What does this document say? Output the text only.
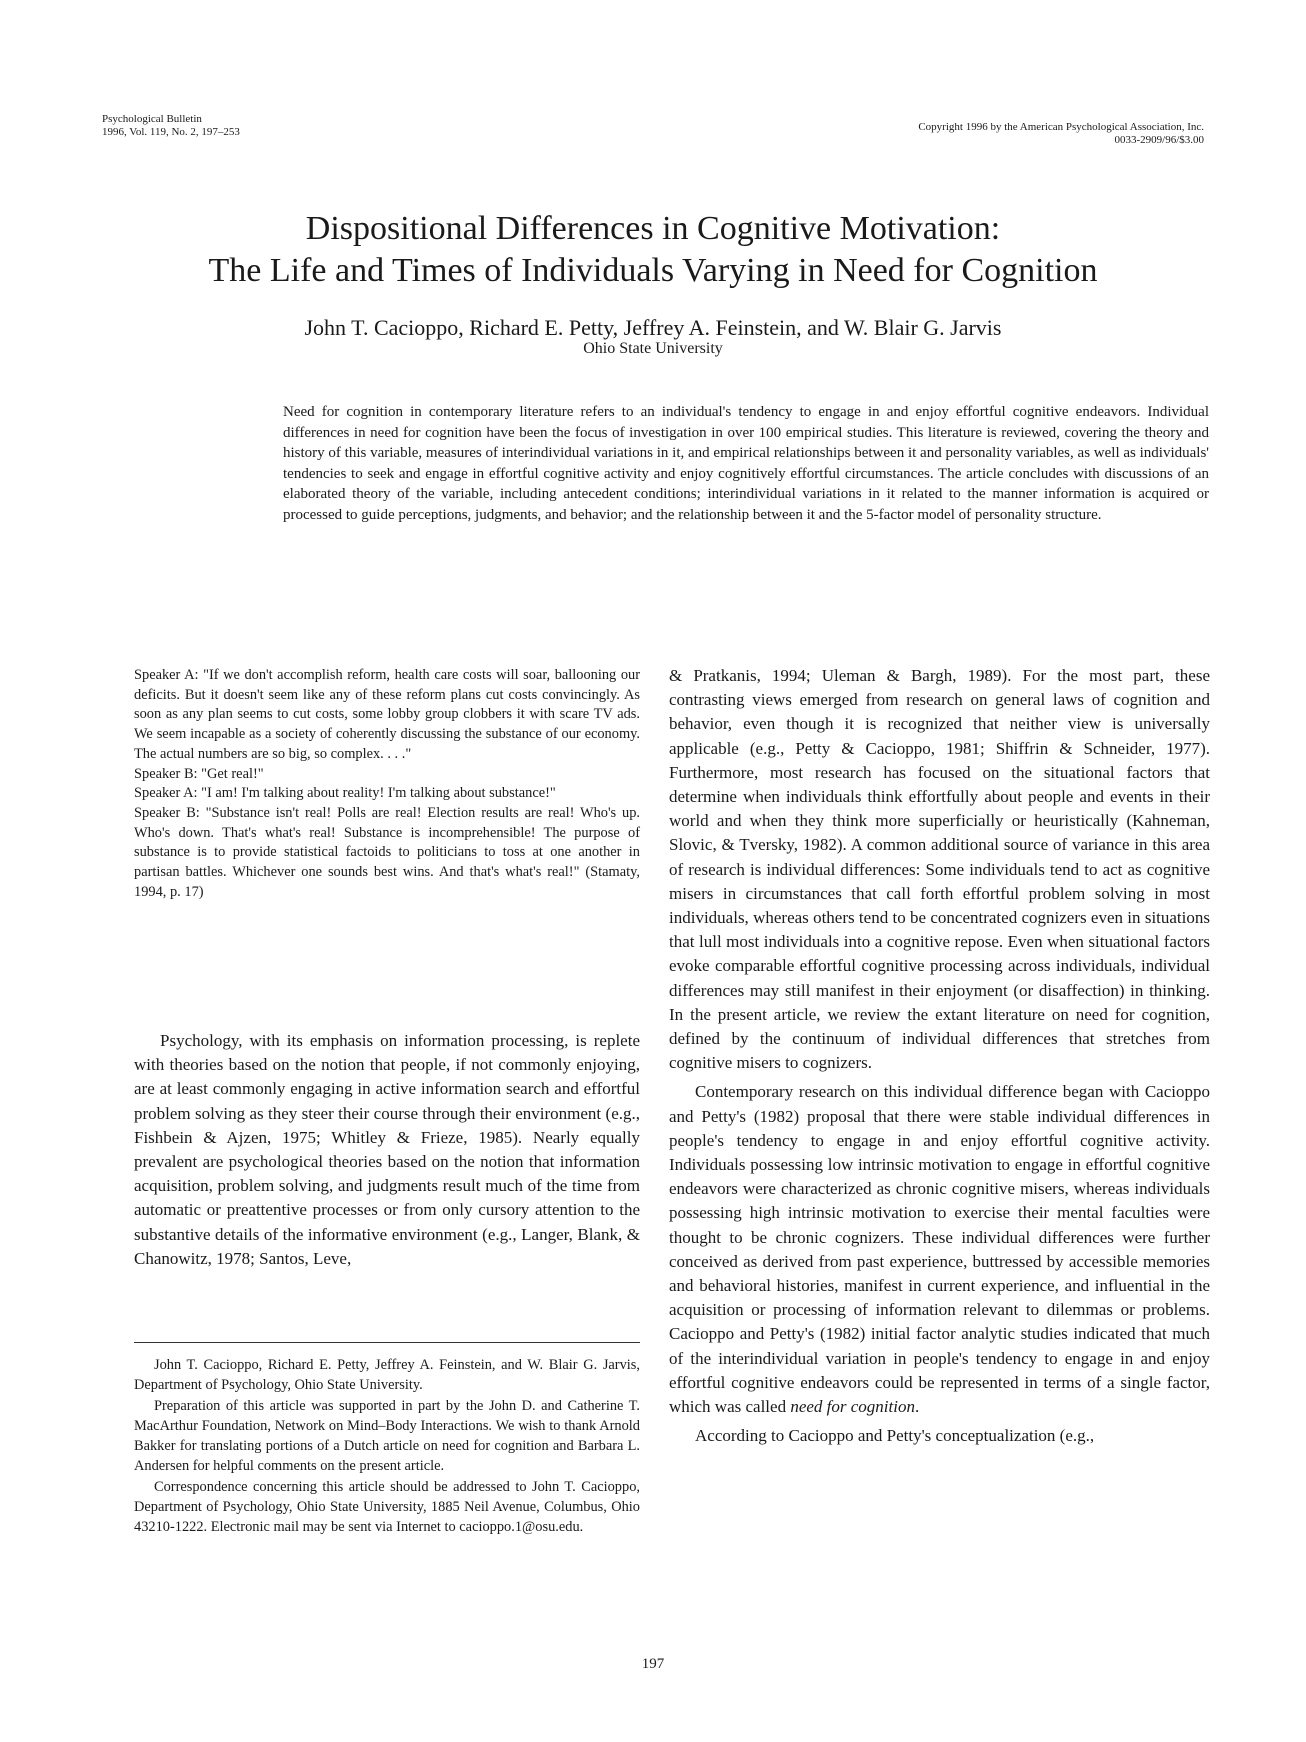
Psychological Bulletin
1996, Vol. 119, No. 2, 197–253	Copyright 1996 by the American Psychological Association, Inc.
0033-2909/96/$3.00
Dispositional Differences in Cognitive Motivation:
The Life and Times of Individuals Varying in Need for Cognition
John T. Cacioppo, Richard E. Petty, Jeffrey A. Feinstein, and W. Blair G. Jarvis
Ohio State University
Need for cognition in contemporary literature refers to an individual's tendency to engage in and enjoy effortful cognitive endeavors. Individual differences in need for cognition have been the focus of investigation in over 100 empirical studies. This literature is reviewed, covering the theory and history of this variable, measures of interindividual variations in it, and empirical relationships between it and personality variables, as well as individuals' tendencies to seek and engage in effortful cognitive activity and enjoy cognitively effortful circumstances. The article concludes with discussions of an elaborated theory of the variable, including antecedent conditions; interindividual variations in it related to the manner information is acquired or processed to guide perceptions, judgments, and behavior; and the relationship between it and the 5-factor model of personality structure.

Speaker A: "If we don't accomplish reform, health care costs will soar, ballooning our deficits. But it doesn't seem like any of these reform plans cut costs convincingly. As soon as any plan seems to cut costs, some lobby group clobbers it with scare TV ads. We seem incapable as a society of coherently discussing the substance of our economy. The actual numbers are so big, so complex. . . ."

Speaker B: "Get real!"

Speaker A: "I am! I'm talking about reality! I'm talking about substance!"

Speaker B: "Substance isn't real! Polls are real! Election results are real! Who's up. Who's down. That's what's real! Substance is incomprehensible! The purpose of substance is to provide statistical factoids to politicians to toss at one another in partisan battles. Whichever one sounds best wins. And that's what's real!" (Stamaty, 1994, p. 17)

Psychology, with its emphasis on information processing, is replete with theories based on the notion that people, if not commonly enjoying, are at least commonly engaging in active information search and effortful problem solving as they steer their course through their environment (e.g., Fishbein & Ajzen, 1975; Whitley & Frieze, 1985). Nearly equally prevalent are psychological theories based on the notion that information acquisition, problem solving, and judgments result much of the time from automatic or preattentive processes or from only cursory attention to the substantive details of the informative environment (e.g., Langer, Blank, & Chanowitz, 1978; Santos, Leve,

John T. Cacioppo, Richard E. Petty, Jeffrey A. Feinstein, and W. Blair G. Jarvis, Department of Psychology, Ohio State University.

Preparation of this article was supported in part by the John D. and Catherine T. MacArthur Foundation, Network on Mind–Body Interactions. We wish to thank Arnold Bakker for translating portions of a Dutch article on need for cognition and Barbara L. Andersen for helpful comments on the present article.

Correspondence concerning this article should be addressed to John T. Cacioppo, Department of Psychology, Ohio State University, 1885 Neil Avenue, Columbus, Ohio 43210-1222. Electronic mail may be sent via Internet to cacioppo.1@osu.edu.

& Pratkanis, 1994; Uleman & Bargh, 1989). For the most part, these contrasting views emerged from research on general laws of cognition and behavior, even though it is recognized that neither view is universally applicable (e.g., Petty & Cacioppo, 1981; Shiffrin & Schneider, 1977). Furthermore, most research has focused on the situational factors that determine when individuals think effortfully about people and events in their world and when they think more superficially or heuristically (Kahneman, Slovic, & Tversky, 1982). A common additional source of variance in this area of research is individual differences: Some individuals tend to act as cognitive misers in circumstances that call forth effortful problem solving in most individuals, whereas others tend to be concentrated cognizers even in situations that lull most individuals into a cognitive repose. Even when situational factors evoke comparable effortful cognitive processing across individuals, individual differences may still manifest in their enjoyment (or disaffection) in thinking. In the present article, we review the extant literature on need for cognition, defined by the continuum of individual differences that stretches from cognitive misers to cognizers.

Contemporary research on this individual difference began with Cacioppo and Petty's (1982) proposal that there were stable individual differences in people's tendency to engage in and enjoy effortful cognitive activity. Individuals possessing low intrinsic motivation to engage in effortful cognitive endeavors were characterized as chronic cognitive misers, whereas individuals possessing high intrinsic motivation to exercise their mental faculties were thought to be chronic cognizers. These individual differences were further conceived as derived from past experience, buttressed by accessible memories and behavioral histories, manifest in current experience, and influential in the acquisition or processing of information relevant to dilemmas or problems. Cacioppo and Petty's (1982) initial factor analytic studies indicated that much of the interindividual variation in people's tendency to engage in and enjoy effortful cognitive endeavors could be represented in terms of a single factor, which was called need for cognition.

According to Cacioppo and Petty's conceptualization (e.g.,

197
